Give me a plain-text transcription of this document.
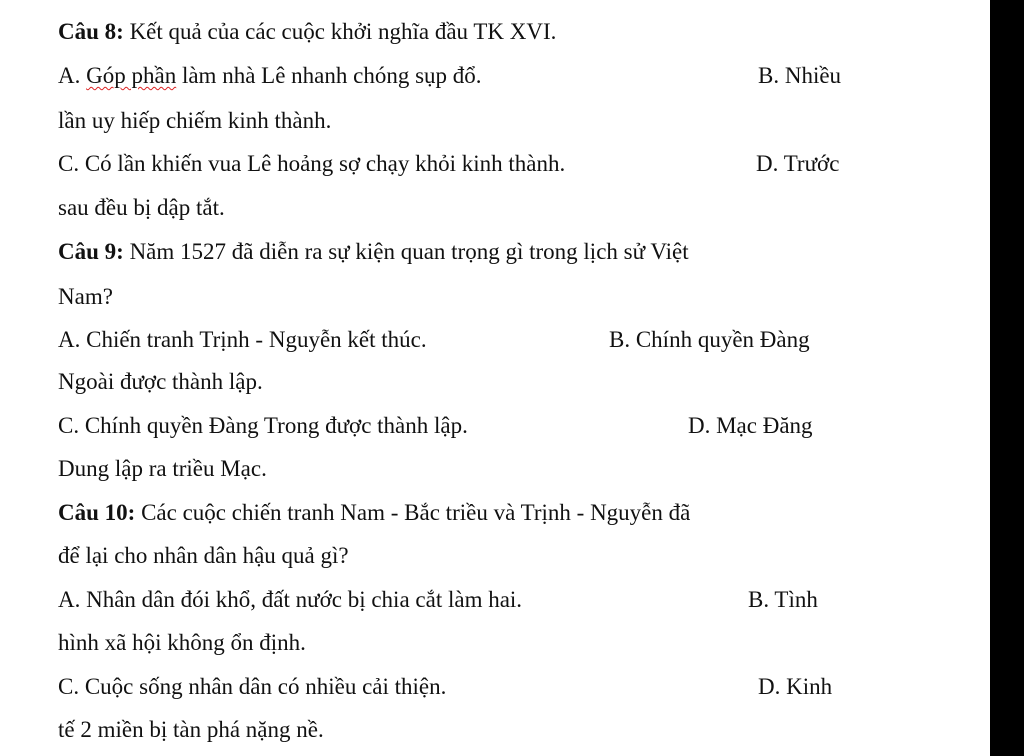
Câu 8: Kết quả của các cuộc khởi nghĩa đầu TK XVI.
A. Góp phần làm nhà Lê nhanh chóng sụp đổ.	B. Nhiều
lần uy hiếp chiếm kinh thành.
C. Có lần khiến vua Lê hoảng sợ chạy khỏi kinh thành.	D. Trước
sau đều bị dập tắt.
Câu 9: Năm 1527 đã diễn ra sự kiện quan trọng gì trong lịch sử Việt
Nam?
A. Chiến tranh Trịnh - Nguyễn kết thúc.	B. Chính quyền Đàng
Ngoài được thành lập.
C. Chính quyền Đàng Trong được thành lập.	D. Mạc Đăng
Dung lập ra triều Mạc.
Câu 10: Các cuộc chiến tranh Nam - Bắc triều và Trịnh - Nguyễn đã
để lại cho nhân dân hậu quả gì?
A. Nhân dân đói khổ, đất nước bị chia cắt làm hai.	B. Tình
hình xã hội không ổn định.
C. Cuộc sống nhân dân có nhiều cải thiện.	D. Kinh
tế 2 miền bị tàn phá nặng nề.
